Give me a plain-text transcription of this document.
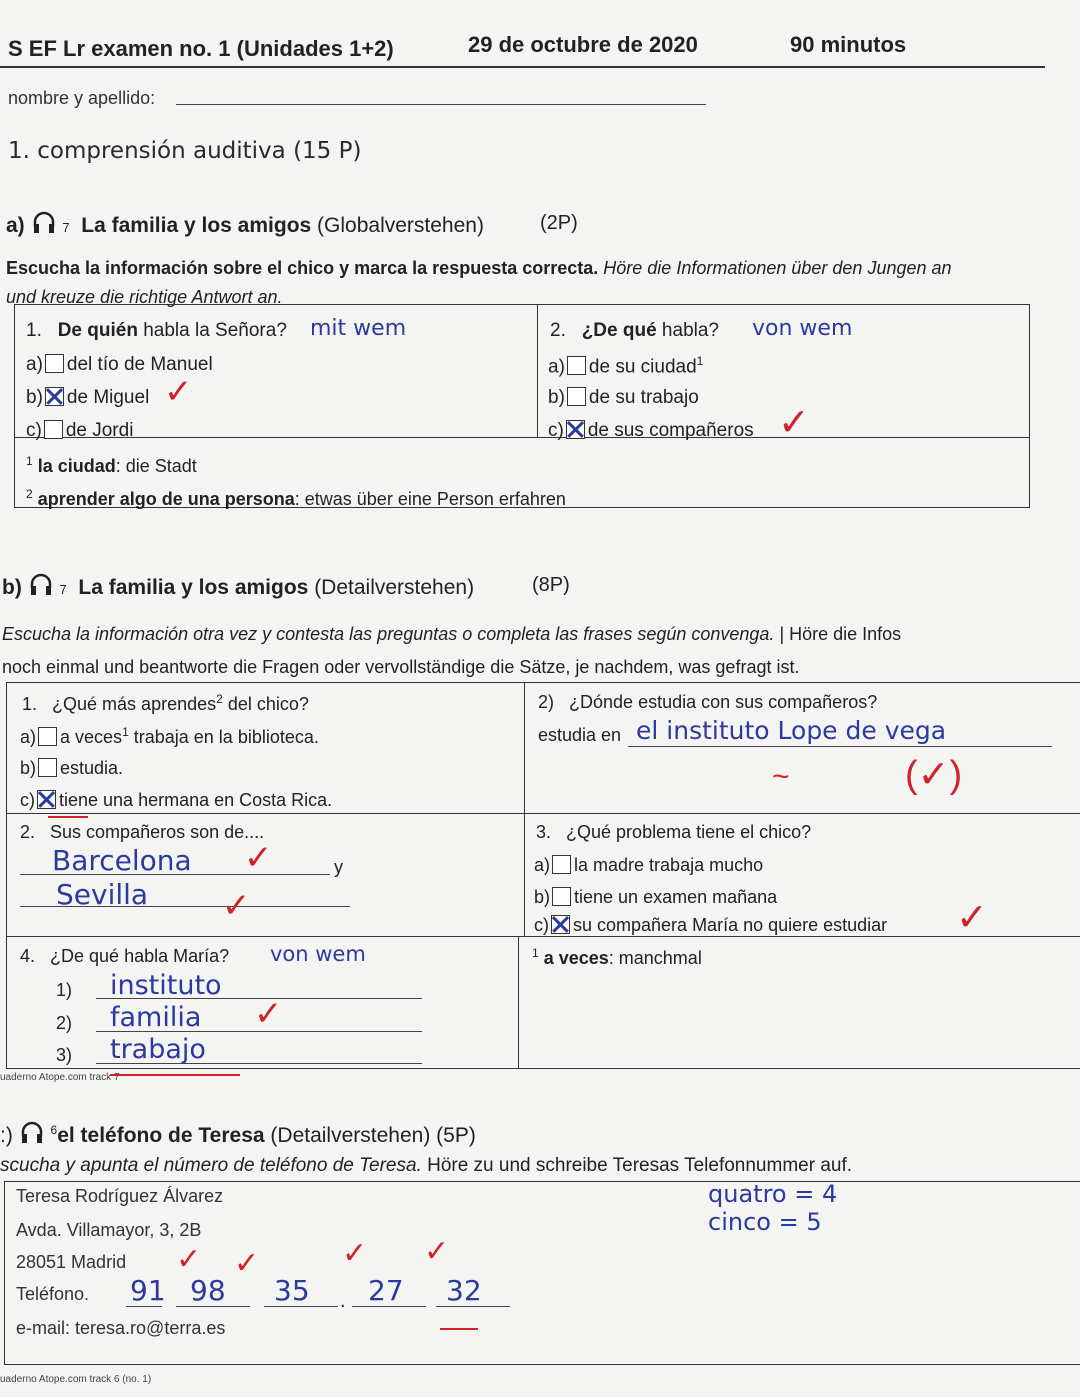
S EF Lr examen no. 1 (Unidades 1+2)	29 de octubre de 2020	90 minutos
nombre y apellido:
1. comprensión auditiva (15 P)
a)	7 La familia y los amigos (Globalverstehen)	(2P)
Escucha la información sobre el chico y marca la respuesta correcta. Höre die Informationen über den Jungen an
und kreuze die richtige Antwort an.
1. De quién habla la Señora? mit wem
a) del tío de Manuel
b) de Miguel
c) de Jordi
✓
2. ¿De qué habla? von wem
a) de su ciudad$^1$
b) de su trabajo
c) de sus compañeros ✓
$^1$ la ciudad: die Stadt
$^2$ aprender algo de una persona: etwas über eine Person erfahren
b)	7 La familia y los amigos (Detailverstehen)	(8P)
Escucha la información otra vez y contesta las preguntas o completa las frases según convenga. | Höre die Infos
noch einmal und beantworte die Fragen oder vervollständige die Sätze, je nachdem, was gefragt ist.
1. ¿Qué más aprendes$^2$ del chico?
a) a veces$^1$ trabaja en la biblioteca.
b) estudia.
c) tiene una hermana en Costa Rica.
2) ¿Dónde estudia con sus compañeros?
estudia en el instituto Lope de vega
~	(✓)
2. Sus compañeros son de....
Barcelona	y
✓
Sevilla ✓
3. ¿Qué problema tiene el chico?
a) la madre trabaja mucho
b) tiene un examen mañana
c) su compañera María no quiere estudiar ✓
4. ¿De qué habla María? von wem
1) instituto
2) familia ✓
3) trabajo
$^1$ a veces: manchmal
uaderno Atope.com track 7
:)	$^6$el teléfono de Teresa (Detailverstehen) (5P)
scucha y apunta el número de teléfono de Teresa. Höre zu und schreibe Teresas Telefonnummer auf.
Teresa Rodríguez Álvarez
Avda. Villamayor, 3, 2B
28051 Madrid
Teléfono.
e-mail: teresa.ro@terra.es
91 98 35 . 27 32
✓ ✓	✓ ✓
quatro = 4
cinco = 5
uaderno Atope.com track 6 (no. 1)
